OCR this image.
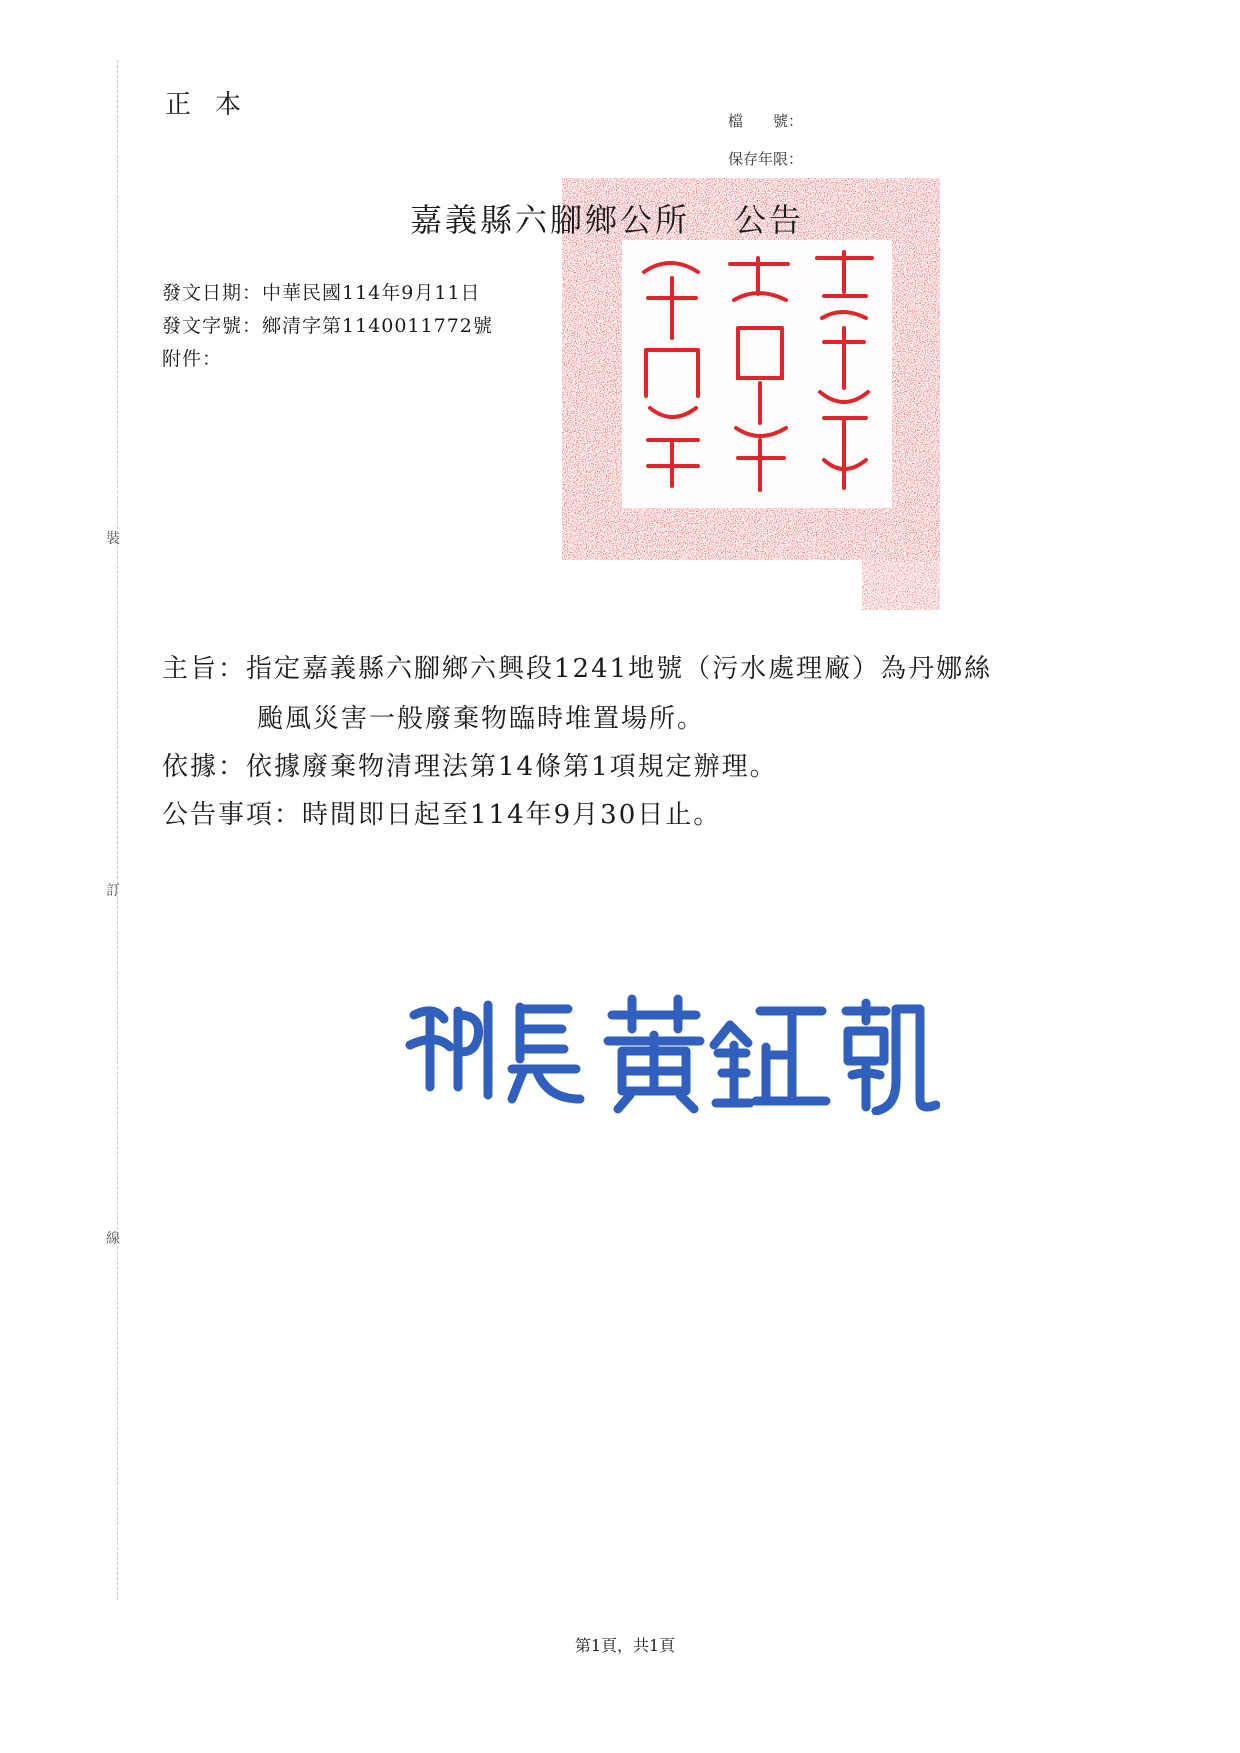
裝
訂
線
正本
檔　　號：
保存年限：
嘉義縣六腳鄉公所 公告
發文日期：中華民國114年9月11日
發文字號：鄉清字第1140011772號
附件：
主旨：指定嘉義縣六腳鄉六興段1241地號（污水處理廠）為丹娜絲
颱風災害一般廢棄物臨時堆置場所。
依據：依據廢棄物清理法第14條第1項規定辦理。
公告事項：時間即日起至114年9月30日止。
第1頁，共1頁
